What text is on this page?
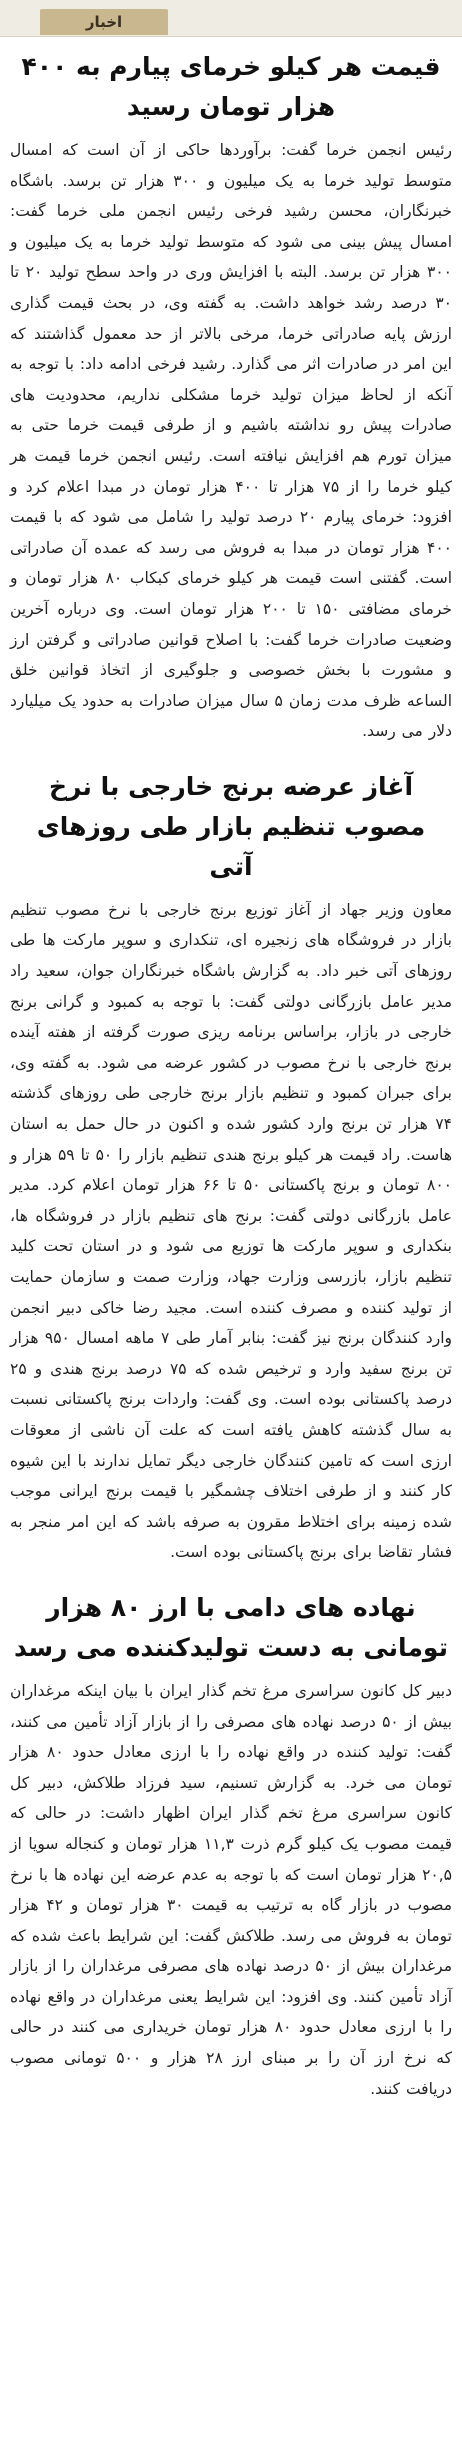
اخبار
قیمت هر کیلو خرمای پیارم به ۴۰۰ هزار تومان رسید

رئیس انجمن خرما گفت: برآوردها حاکی از آن است که امسال متوسط تولید خرما به یک میلیون و ۳۰۰ هزار تن برسد. باشگاه خبرنگاران، محسن رشید فرخی رئیس انجمن ملی خرما گفت: امسال پیش بینی می شود که متوسط تولید خرما به یک میلیون و ۳۰۰ هزار تن برسد. البته با افزایش وری در واحد سطح تولید ۲۰ تا ۳۰ درصد رشد خواهد داشت. به گفته وی، در بحث قیمت گذاری ارزش پایه صادراتی خرما، مرخی بالاتر از حد معمول گذاشتند که این امر در صادرات اثر می گذارد. رشید فرخی ادامه داد: با توجه به آنکه از لحاظ میزان تولید خرما مشکلی نداریم، محدودیت های صادرات پیش رو نداشته باشیم و از طرفی قیمت خرما حتی به میزان تورم هم افزایش نیافته است. رئیس انجمن خرما قیمت هر کیلو خرما را از ۷۵ هزار تا ۴۰۰ هزار تومان در مبدا اعلام کرد و افزود: خرمای پیارم ۲۰ درصد تولید را شامل می شود که با قیمت ۴۰۰ هزار تومان در مبدا به فروش می رسد که عمده آن صادراتی است. گفتنی است قیمت هر کیلو خرمای کبکاب ۸۰ هزار تومان و خرمای مضافتی ۱۵۰ تا ۲۰۰ هزار تومان است. وی درباره آخرین وضعیت صادرات خرما گفت: با اصلاح قوانین صادراتی و گرفتن ارز و مشورت با بخش خصوصی و جلوگیری از اتخاذ قوانین خلق الساعه ظرف مدت زمان ۵ سال میزان صادرات به حدود یک میلیارد دلار می رسد.

آغاز عرضه برنج خارجی با نرخ مصوب تنظیم بازار طی روزهای آتی

معاون وزیر جهاد از آغاز توزیع برنج خارجی با نرخ مصوب تنظیم بازار در فروشگاه های زنجیره ای، تنکداری و سوپر مارکت ها طی روزهای آتی خبر داد. به گزارش باشگاه خبرنگاران جوان، سعید راد مدیر عامل بازرگانی دولتی گفت: با توجه به کمبود و گرانی برنج خارجی در بازار، براساس برنامه ریزی صورت گرفته از هفته آینده برنج خارجی با نرخ مصوب در کشور عرضه می شود. به گفته وی، برای جبران کمبود و تنظیم بازار برنج خارجی طی روزهای گذشته ۷۴ هزار تن برنج وارد کشور شده و اکنون در حال حمل به استان هاست. راد قیمت هر کیلو برنج هندی تنظیم بازار را ۵۰ تا ۵۹ هزار و ۸۰۰ تومان و برنج پاکستانی ۵۰ تا ۶۶ هزار تومان اعلام کرد. مدیر عامل بازرگانی دولتی گفت: برنج های تنظیم بازار در فروشگاه ها، بنکداری و سوپر مارکت ها توزیع می شود و در استان تحت کلید تنظیم بازار، بازرسی وزارت جهاد، وزارت صمت و سازمان حمایت از تولید کننده و مصرف کننده است. مجید رضا خاکی دبیر انجمن وارد کنندگان برنج نیز گفت: بنابر آمار طی ۷ ماهه امسال ۹۵۰ هزار تن برنج سفید وارد و ترخیص شده که ۷۵ درصد برنج هندی و ۲۵ درصد پاکستانی بوده است. وی گفت: واردات برنج پاکستانی نسبت به سال گذشته کاهش یافته است که علت آن ناشی از معوقات ارزی است که تامین کنندگان خارجی دیگر تمایل ندارند با این شیوه کار کنند و از طرفی اختلاف چشمگیر با قیمت برنج ایرانی موجب شده زمینه برای اختلاط مقرون به صرفه باشد که این امر منجر به فشار تقاضا برای برنج پاکستانی بوده است.

نهاده های دامی با ارز ۸۰ هزار تومانی به دست تولیدکننده می رسد

دبیر کل کانون سراسری مرغ تخم گذار ایران با بیان اینکه مرغداران بیش از ۵۰ درصد نهاده های مصرفی را از بازار آزاد تأمین می کنند، گفت: تولید کننده در واقع نهاده را با ارزی معادل حدود ۸۰ هزار تومان می خرد. به گزارش تسنیم، سید فرزاد طلاکش، دبیر کل کانون سراسری مرغ تخم گذار ایران اظهار داشت: در حالی که قیمت مصوب یک کیلو گرم ذرت ۱۱,۳ هزار تومان و کنجاله سویا از ۲۰,۵ هزار تومان است که با توجه به عدم عرضه این نهاده ها با نرخ مصوب در بازار گاه به ترتیب به قیمت ۳۰ هزار تومان و ۴۲ هزار تومان به فروش می رسد. طلاکش گفت: این شرایط باعث شده که مرغداران بیش از ۵۰ درصد نهاده های مصرفی مرغداران را از بازار آزاد تأمین کنند. وی افزود: این شرایط یعنی مرغداران در واقع نهاده را با ارزی معادل حدود ۸۰ هزار تومان خریداری می کنند در حالی که نرخ ارز آن را بر مبنای ارز ۲۸ هزار و ۵۰۰ تومانی مصوب دریافت کنند.
